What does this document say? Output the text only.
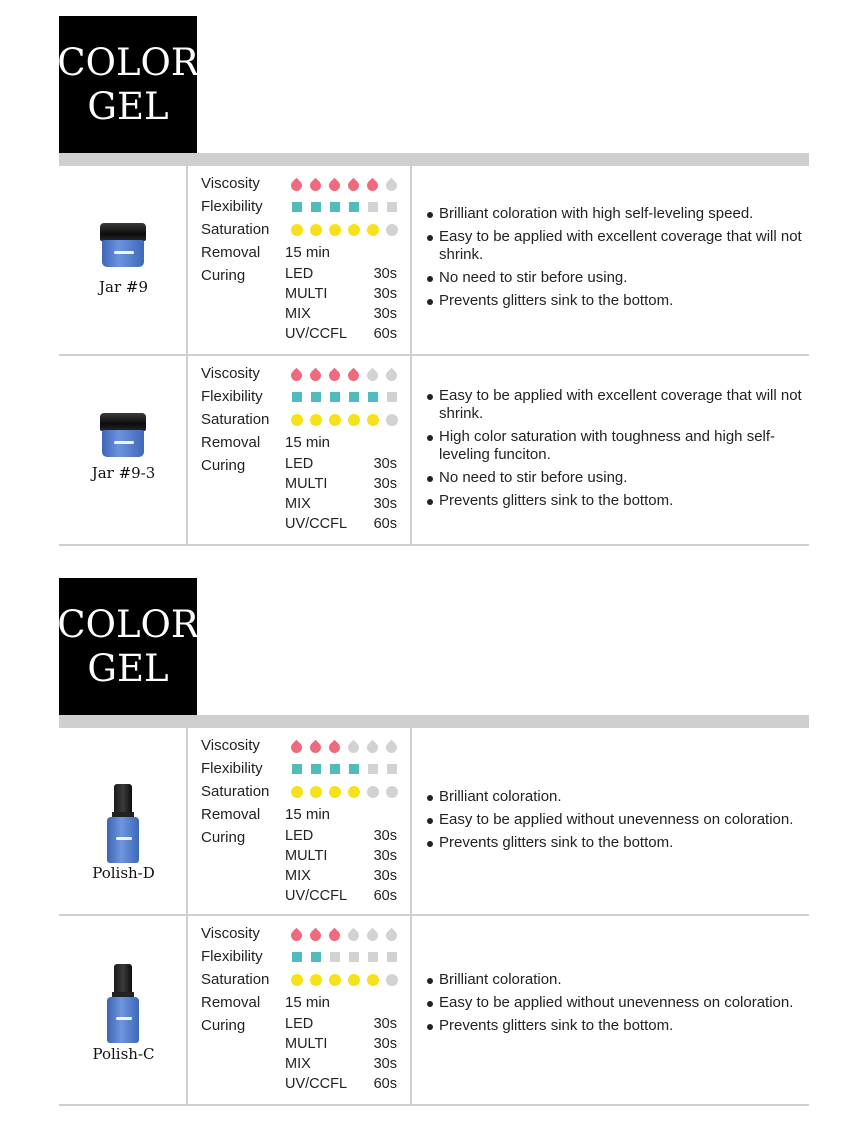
COLOR
GEL
Jar #9
Viscosity
Flexibility
Saturation
Removal 15 min
Curing	LED	30s
MULTI	30s
MIX	30s
UV/CCFL 60s
Brilliant coloration with high self-leveling speed.
Easy to be applied with excellent coverage that will not shrink.
No need to stir before using.
Prevents glitters sink to the bottom.
Jar #9-3
Viscosity
Flexibility
Saturation
Removal 15 min
Curing	LED	30s
MULTI	30s
MIX	30s
UV/CCFL 60s
Easy to be applied with excellent coverage that will not shrink.
High color saturation with toughness and high self-leveling funciton.
No need to stir before using.
Prevents glitters sink to the bottom.
COLOR
GEL
Polish-D
Viscosity
Flexibility
Saturation
Removal 15 min
Curing	LED	30s
MULTI	30s
MIX	30s
UV/CCFL 60s
Brilliant coloration.
Easy to be applied without unevenness on coloration.
Prevents glitters sink to the bottom.
Polish-C
Viscosity
Flexibility
Saturation
Removal 15 min
Curing	LED	30s
MULTI	30s
MIX	30s
UV/CCFL 60s
Brilliant coloration.
Easy to be applied without unevenness on coloration.
Prevents glitters sink to the bottom.
